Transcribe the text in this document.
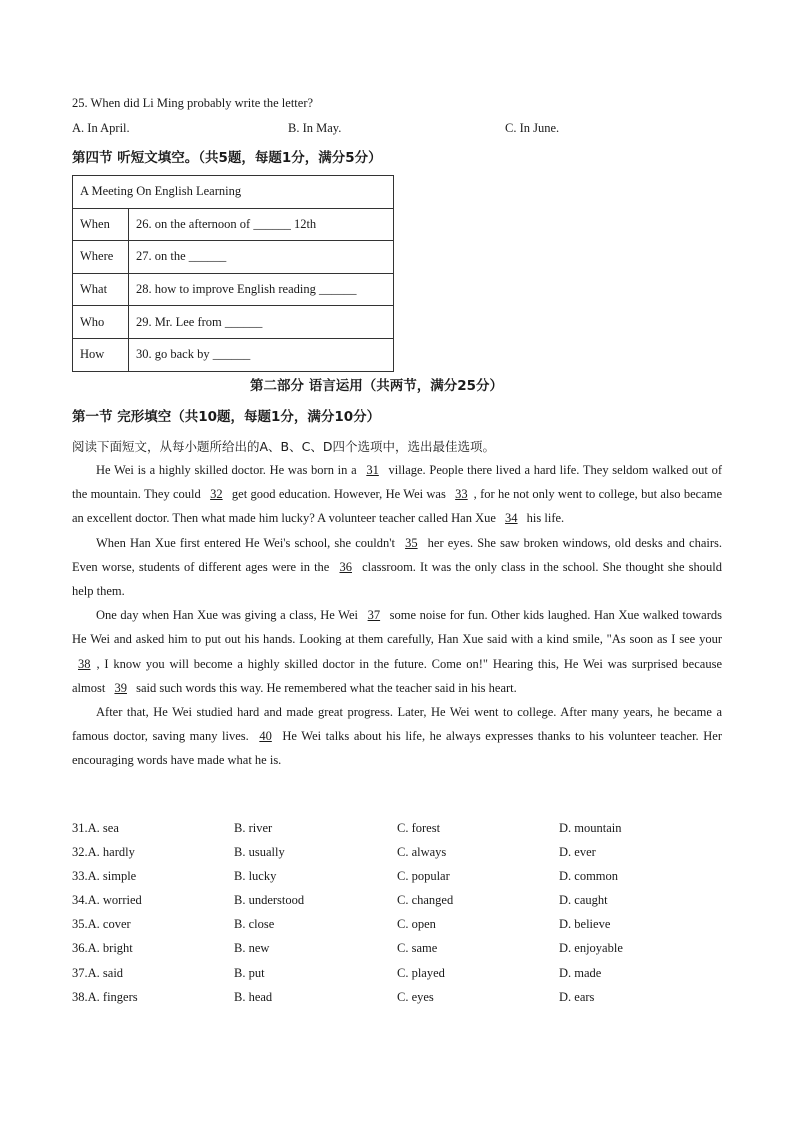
25. When did Li Ming probably write the letter?
A. In April.	B. In May.	C. In June.
第四节 听短文填空。（共5题，每题1分，满分5分）
A Meeting On English Learning	
When	26. on the afternoon of ______ 12th
Where	27. on the ______
What	28. how to improve English reading ______
Who	29. Mr. Lee from ______
How	30. go back by ______
第二部分 语言运用（共两节，满分25分）
第一节 完形填空（共10题，每题1分，满分10分）
阅读下面短文，从每小题所给出的A、B、C、D四个选项中，选出最佳选项。

He Wei is a highly skilled doctor. He was born in a 31 village. People there lived a hard life. They seldom walked out of the mountain. They could 32 get good education. However, He Wei was 33 , for he not only went to college, but also became an excellent doctor. Then what made him lucky? A volunteer teacher called Han Xue 34 his life.

When Han Xue first entered He Wei's school, she couldn't 35 her eyes. She saw broken windows, old desks and chairs. Even worse, students of different ages were in the 36 classroom. It was the only class in the school. She thought she should help them.

One day when Han Xue was giving a class, He Wei 37 some noise for fun. Other kids laughed. Han Xue walked towards He Wei and asked him to put out his hands. Looking at them carefully, Han Xue said with a kind smile, "As soon as I see your 38 , I know you will become a highly skilled doctor in the future. Come on!" Hearing this, He Wei was surprised because almost 39 said such words this way. He remembered what the teacher said in his heart.

After that, He Wei studied hard and made great progress. Later, He Wei went to college. After many years, he became a famous doctor, saving many lives. 40 He Wei talks about his life, he always expresses thanks to his volunteer teacher. Her encouraging words have made what he is.

31.A. sea	B. river	C. forest	D. mountain
32.A. hardly	B. usually	C. always	D. ever
33.A. simple	B. lucky	C. popular	D. common
34.A. worried	B. understood	C. changed	D. caught
35.A. cover	B. close	C. open	D. believe
36.A. bright	B. new	C. same	D. enjoyable
37.A. said	B. put	C. played	D. made
38.A. fingers	B. head	C. eyes	D. ears
